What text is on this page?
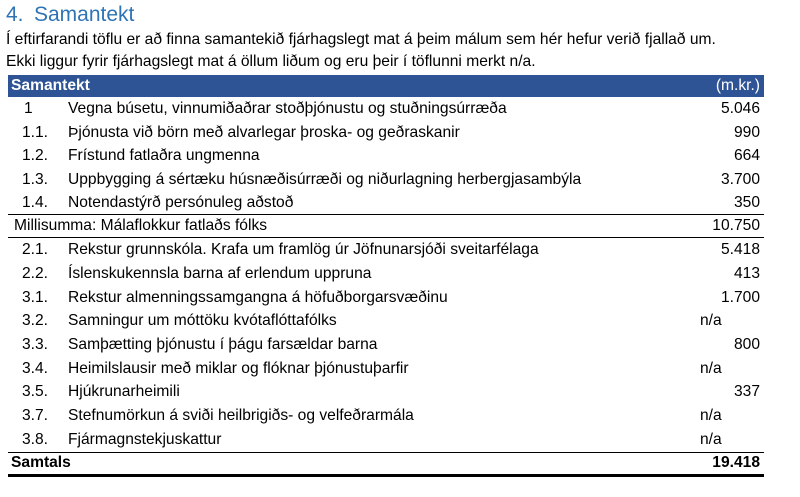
4. Samantekt
Í eftirfarandi töflu er að finna samantekið fjárhagslegt mat á þeim málum sem hér hefur verið fjallað um.
Ekki liggur fyrir fjárhagslegt mat á öllum liðum og eru þeir í töflunni merkt n/a.
Samantekt	(m.kr.)
1	Vegna búsetu, vinnumiðaðrar stoðþjónustu og stuðningsúrræða	5.046
1.1.	Þjónusta við börn með alvarlegar þroska- og geðraskanir	990
1.2.	Frístund fatlaðra ungmenna	664
1.3.	Uppbygging á sértæku húsnæðisúrræði og niðurlagning herbergjasambýla	3.700
1.4.	Notendastýrð persónuleg aðstoð	350
Millisumma: Málaflokkur fatlaðs fólks	10.750
2.1.	Rekstur grunnskóla. Krafa um framlög úr Jöfnunarsjóði sveitarfélaga	5.418
2.2.	Íslenskukennsla barna af erlendum uppruna	413
3.1.	Rekstur almenningssamgangna á höfuðborgarsvæðinu	1.700
3.2.	Samningur um móttöku kvótaflóttafólks	n/a
3.3.	Samþætting þjónustu í þágu farsældar barna	800
3.4.	Heimilslausir með miklar og flóknar þjónustuþarfir	n/a
3.5.	Hjúkrunarheimili	337
3.7.	Stefnumörkun á sviði heilbrigiðs- og velfeðrarmála	n/a
3.8.	Fjármagnstekjuskattur	n/a
Samtals	19.418
